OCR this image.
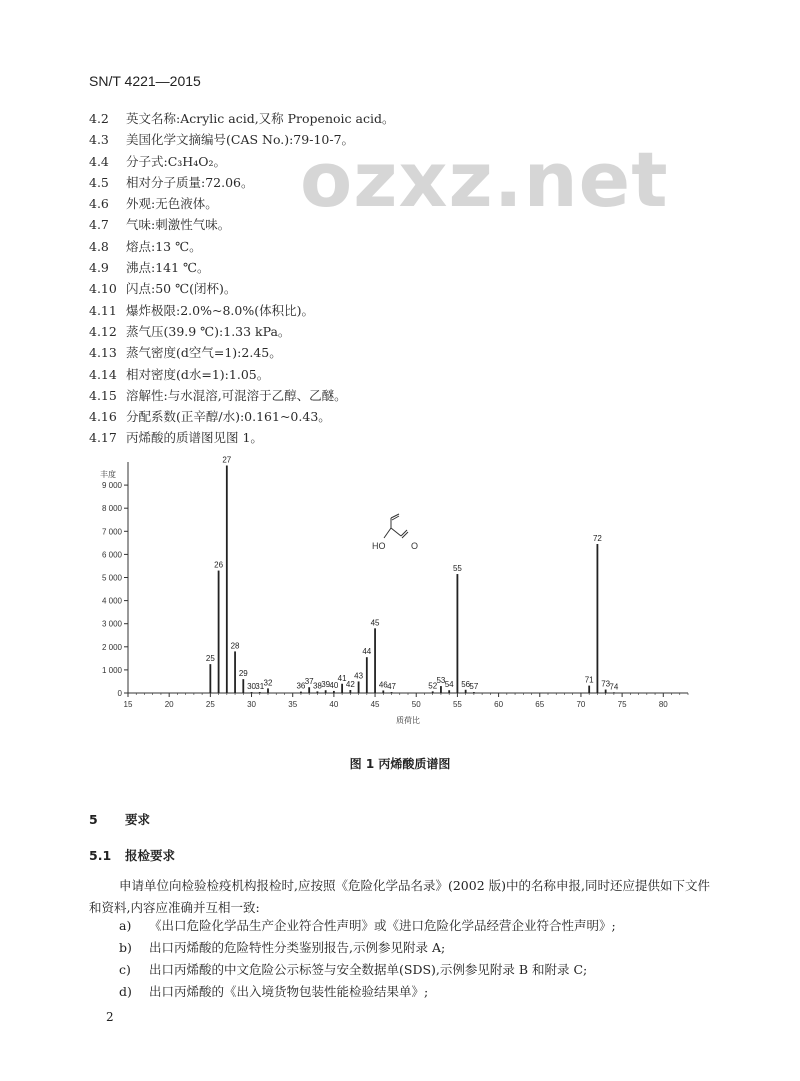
SN/T 4221—2015
ozxz.net
4.2 英文名称:Acrylic acid,又称 Propenoic acid。
4.3 美国化学文摘编号(CAS No.):79-10-7。
4.4 分子式:C₃H₄O₂。
4.5 相对分子质量:72.06。
4.6 外观:无色液体。
4.7 气味:刺激性气味。
4.8 熔点:13 ℃。
4.9 沸点:141 ℃。
4.10 闪点:50 ℃(闭杯)。
4.11 爆炸极限:2.0%~8.0%(体积比)。
4.12 蒸气压(39.9 ℃):1.33 kPa。
4.13 蒸气密度(d空气=1):2.45。
4.14 相对密度(d水=1):1.05。
4.15 溶解性:与水混溶,可混溶于乙醇、乙醚。
4.16 分配系数(正辛醇/水):0.161~0.43。
4.17 丙烯酸的质谱图见图 1。
0
1 000
2 000
3 000
4 000
5 000
6 000
7 000
8 000
9 000
15	20	25	30	35	40	45	50	55	60	65	70	75	80
丰度
质荷比
25
26
27
28
29
30 31 32	36 37 38 39 40
41
42
43
44
45
46 47	52
53 54
55
56 57
71
72
73 74
HO	O
图 1 丙烯酸质谱图
5 要求
5.1 报检要求
申请单位向检验检疫机构报检时,应按照《危险化学品名录》(2002 版)中的名称申报,同时还应提供如下文件和资料,内容应准确并互相一致:
a) 《出口危险化学品生产企业符合性声明》或《进口危险化学品经营企业符合性声明》;
b) 出口丙烯酸的危险特性分类鉴别报告,示例参见附录 A;
c) 出口丙烯酸的中文危险公示标签与安全数据单(SDS),示例参见附录 B 和附录 C;
d) 出口丙烯酸的《出入境货物包装性能检验结果单》;
2
